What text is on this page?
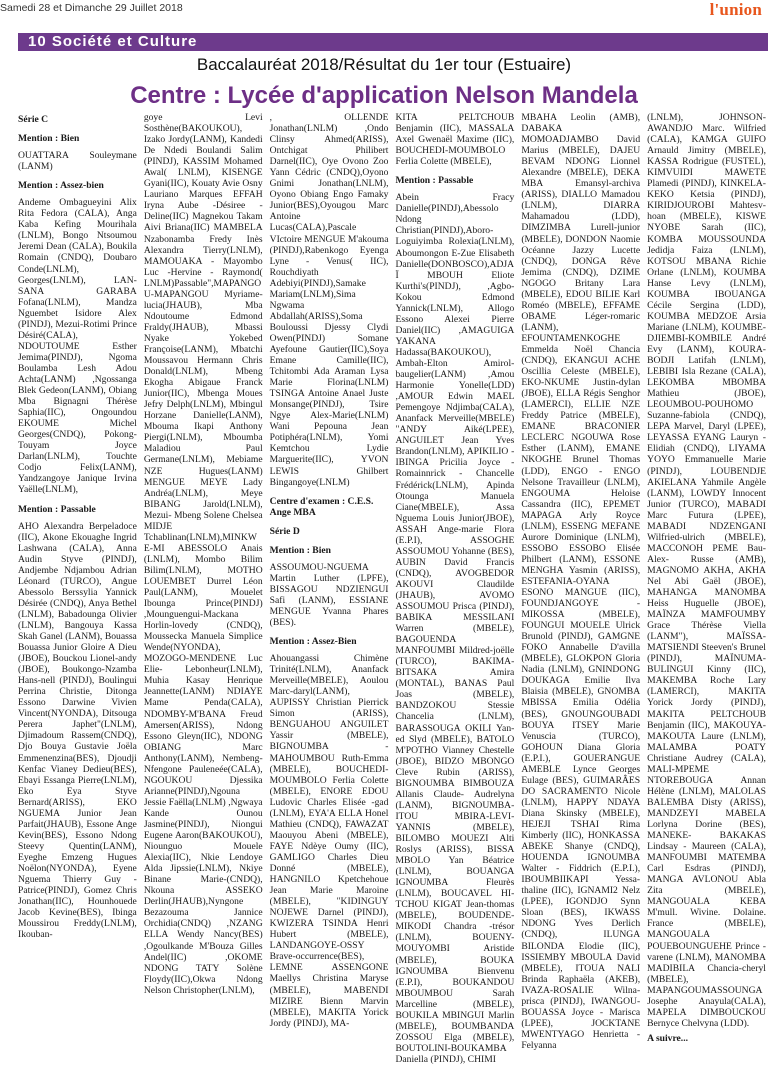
Samedi 28 et Dimanche 29 Juillet 2018	l'union
10 Société et Culture
Baccalauréat 2018/Résultat du 1er tour (Estuaire)
Centre : Lycée d'application Nelson Mandela

Série C

Mention : Bien

OUATTARA Souleymane (LANM)

Mention : Assez-bien

Andeme Ombagueyini Alix Rita Fedora (CALA), Anga Kaba Kefing Mourihala (LNLM), Bongo Ntsoumou Jeremi Dean (CALA), Boukila Romain (CNDQ), Doubaro Conde(LNLM), Georges(LNLM), LAN-SANA GARABA Fofana(LNLM), Mandza Nguembet Isidore Alex (PINDJ), Mezui-Rotimi Prince Désiré(CALA), NDOUTOUME Esther Jemima(PINDJ), Ngoma Boulamba Lesh Adou Achta(LANM) ,Ngossanga Blek Gedeon(LANM), Obiang Mba Bignagni Thérèse Saphia(IIC), Ongoundou EKOUME Michel Georges(CNDQ), Pokong-Touyam Joyce Darlan(LNLM), Touchte Codjo Felix(LANM), Yandzangoye Janique Irvina Yaëlle(LNLM),

Mention : Passable

AHO Alexandra Berpeladoce (IIC), Akone Ekouaghe Ingrid Lashwana (CALA), Anna Audin Styve (PINDJ), Andjembe Ndjambou Adrian Léonard (TURCO), Angue Abessolo Berssylia Yannick Désirée (CNDQ), Anya Bethel (LNLM), Babadounga Olivier (LNLM), Bangouya Kassa Skah Ganel (LANM), Bouassa Bouassa Junior Gloire A Dieu (JBOE), Bouckou Lionel-andy (JBOE), Boukongo-Nzamba Hans-nell (PINDJ), Boulingui Perrina Christie, Ditonga Essono Darwine Vivien Vincent(NYONDA), Ditsouga Perera Japhet"(LNLM), Djimadoum Rassem(CNDQ), Djo Bouya Gustavie Joëla Emmenenzina(BES), Djoudji Kenfac Vianey Dedieu(BES), Ebayi Essanga Pierre(LNLM), Eko Eya Styve Bernard(ARISS), EKO NGUEMA Junior Jean Parfait(JHAUB), Essone Ange Kevin(BES), Essono Ndong Steevy Quentin(LANM), Eyeghe Emzeng Hugues Noëlon(NYONDA), Eyene Nguema Thierry Guy - Patrice(PINDJ), Gomez Chris Jonathan(IIC), Hounhouede Jacob Kevine(BES), Ibinga Moussirou Freddy(LNLM), Ikouban-

goye Levi Sosthène(BAKOUKOU), Izako Jordy(LANM), Kandedi De Ndedi Boulandi Salim (PINDJ), KASSIM Mohamed Awal( LNLM), KISENGE Gyani(IIC), Kouaty Avie Osny Lauriano Marques EFFAH Iryna Aube -Désiree -Deline(IIC) Magnekou Takam Aivi Briana(IIC) MAMBELA Nzabonamba Fredy Inès Alexandra Tierry(LNLM), MAMOUAKA - Mayombo Luc -Hervine - Raymond( LNLM)Passable",MAPANGOU-MAPANGOU Myriame-lucia(JHAUB), Mba Ndoutoume Edmond Fraldy(JHAUB), Mbassi Nyake Yokebed Françoise(LANM), Mbatchi Moussavou Hermann Chris Donald(LNLM), Mbeng Ekogha Abigaue Franck Junior(IIC), Mbenga Moues Jefry Delph(LNLM), Mbingul Horzane Danielle(LANM), Mbouma Ikapi Anthony Piergi(LNLM), Mboumba Maladiou Paul Germane(LNLM), Mebiame NZE Hugues(LANM) MENGUE MEYE Lady Andréa(LNLM), Meye BIBANG Jarold(LNLM), Mezui- Mbeng Solene Chelsea MIDJE Tchablinan(LNLM),MINKWE-MI ABESSOLO Anais (LNLM), Mombo Bilim Bilim(LNLM), MOTHO LOUEMBET Durrel Léon Paul(LANM), Mouelet Ibounga Prince(PINDJ) ,Mounguengui-Mackana Horlin-lovedy (CNDQ), Moussecka Manuela Simplice Wende(NYONDA), MOZOGO-MENDENE Luc Elie- Lebonheur(LNLM), Muhia Kasay Henrique Jeannette(LANM) NDIAYE Mame Penda(CALA), NDOMBY-M'BANA Freud Amersen(ARISS), Ndong Essono Gleyn(IIC), NDONG OBIANG Marc Anthony(LANM), Nembeng-Nfengone Pauleneée(CALA), NGOUKOU Djessika Arianne(PINDJ),Ngouna Jessie Faëlla(LNLM) ,Ngwaya Kande Ounou Jasmine(PINDJ), Niongui Eugene Aaron(BAKOUKOU), Niounguo Mouele Alexia(IIC), Nkie Lendoye Alda Jipssie(LNLM), Nkiye Binane Marie-(CNDQ), Nkouna ASSEKO Derlin(JHAUB),Nyngone Bezazouma Jannice Orchidia(CNDQ) ,NZANG ELLA Wendy Nancy(BES) ,Ogoulkande M'Bouza Gilles Andel(IIC) ,OKOME NDONG TATY Solène Floydy(IIC),Okwa Ndong Nelson Christopher(LNLM),

, OLLENDE Jonathan(LNLM) ,Ondo Clinsy Ahmed(ARISS), Ontchigat Philibert Darnel(IIC), Oye Ovono Zoo Yann Cédric (CNDQ),Oyono Gnimi Jonathan(LNLM), Oyono Obiang Engo Famaky Junior(BES),Oyougou Marc Antoine Lucas(CALA),Pascale VIctoire MENGUE M'akouma (PINDJ),Rabenkogo Eyenga Lyne - Venus( IIC), Rouchdiyath Adebiyi(PINDJ),Samake Mariam(LNLM),Sima Ngwama Abdallah(ARISS),Soma Bouloussi Djessy Clydi Owen(PINDJ) Somane Ayefoune Gautier(IIC),Soya Emane Camille(IIC), Tchitombi Ada Araman Lysa Marie Florina(LNLM) TSINGA Antoine Anael Juste Monsange(PINDJ), Tsire Ngye Alex-Marie(LNLM) Wani Pepouna Jean Potiphéra(LNLM), Yomi Kemtchou Lydie Marguerite(IIC), YVON LEWIS Ghilbert Bingangoye(LNLM)

Centre d'examen : C.E.S. Ange MBA

Série D

Mention : Bien

ASSOUMOU-NGUEMA Martin Luther (LPFE), BISSAGOU NDZIENGUI Safi (LANM), ESSIANE MENGUE Yvanna Phares (BES).

Mention : Assez-Bien

Ahouangassi Chimène Trinité(LNLM), Ananfack Merveille(MBELE), Aoulou Marc-daryl(LANM), AUPISSY Christian Pierrick Simon (ARISS), BENGUAHOU ANGUILET Yassir (MBELE), BIGNOUMBA - MAHOUMBOU Ruth-Emma (MBELE), BOUCHEDI-MOUMBOLO Ferlia Colette (MBELE), ENORE EDOU Ludovic Charles Elisée -gad (LNLM), EYA'A ELLA Honel Mathieu (CNDQ), FAWAZAT Maouyou Abeni (MBELE), FAYE Ndèye Oumy (IIC), GAMLIGO Charles Dieu Donné (MBELE), HANGNILO Kpetchehoue Jean Marie Maroine (MBELE), "KIDINGUY NOJEWE Darnel (PINDJ), KWIZERA TSINDA Henri Hubert (MBELE), LANDANGOYE-OSSY Brave-occurrence(BES), LEMNE ASSENGONE Maellys Christina Maryse (MBELE), MABENDI MIZIRE Bienn Marvin (MBELE), MAKITA Yorick Jordy (PINDJ), MA-

KITA PELTCHOUB Benjamin (IIC), MASSALA Axel Gwenaël Maxime (IIC), BOUCHEDI-MOUMBOLO Ferlia Colette (MBELE),

Mention : Passable

Abein Fracy Danielle(PINDJ),Abessolo Ndong Christian(PINDJ),Aboro-Loguiyimba Rolexia(LNLM), Aboumongon E-Zue Elisabeth Danielle(DONBOSCO),ADJAÏ MBOUH Eliote Kurthi's(PINDJ), ,Agbo-Kokou Edmond Yannick(LNLM), Allogo Essono Alexei Pierre Daniel(IIC) ,AMAGUIGA YAKANA Hadassa(BAKOUKOU), Ambah-Elton Amirol-baugelier(LANM) ,Amou Harmonie Yonelle(LDD) ,AMOUR Edwin MAEL Pemengoye Ndjimba(CALA), Ananfack Merveille(MBELE) "ANDY Aiké(LPEE), ANGUILET Jean Yves Brandon(LNLM), APIKILIO - IBINGA Pricilia Joyce - Romainnrick - Chancelle Frédérick(LNLM), Apinda Otounga Manuela Ciane(MBELE), Assa Nguema Louis Junior(JBOE), ASSAH Ange-marie Flora (E.P.I), ASSOGHE ASSOUMOU Yohanne (BES), AUBIN David Francis (CNDQ), AVOGBEDOR AKOUVI Claudilde (JHAUB), AVOMO ASSOUMOU Prisca (PINDJ), BABIKA MESSILANI Warren (MBELE), BAGOUENDA MANFOUMBI Mildred-joëlle (TURCO), BAKIMA-BITSAKA Amira (MONTAL), BANAS Paul Joas (MBELE), BANDZOKOU Stessie Chancelia (LNLM), BARASSOUGA OKILI Yan-ed Slyd (MBELE), BATOLO M'POTHO Vianney Chestelle (JBOE), BIDZO MBONGO Cleve Rubin (ARISS), BIGNOUMBA BIMBOUZA Allanis Claude- Audrelyna (LANM), BIGNOUMBA-ITOU MBIRA-LEVI-YANNIS (MBELE), BILOMBO MOUEZI Alti Roslys (ARISS), BISSA MBOLO Yan Béatrice (LNLM), BOUANGA IGNOUMBA Fleurès (LNLM), BOUCAVEL HI-TCHOU KIGAT Jean-thomas (MBELE), BOUDENDE-MIKODI Chandra -trésor (LNLM), BOUENY-MOUYOMBI Aristide (MBELE), BOUKA IGNOUMBA Bienvenu (E.P.I), BOUKANDOU MBOUMBOU Sarah Marcelline (MBELE), BOUKILA MBINGUI Marlin (MBELE), BOUMBANDA ZOSSOU Elga (MBELE), BOUTOLINI-BOUKAMBA Daniella (PINDJ), CHIMI

MBAHA Leolin (AMB), DABAKA MOMOADJAMBO David Marius (MBELE), DAJEU BEVAM NDONG Lionnel Alexandre (MBELE), DEKA MBA Emansyl-archiva (ARISS), DIALLO Mamadou (LNLM), DIARRA Mahamadou (LDD), DIMZIMBA Lurell-junior (MBELE), DONDON Naomie Océanne Jazzy Lucette (CNDQ), DONGA Rêve Jemima (CNDQ), DZIME NGOGO Britany Lara (MBELE), EDOU BILIE Karl Roméo (MBELE), EFFAME OBAME Léger-romaric (LANM), EFOUNTAMENKOGHE Emmelda Noël Chancia (CNDQ), EKANGUI ACHE Oscillia Celeste (MBELE), EKO-NKUME Justin-dylan (JBOE), ELLA Régis Senghor (LAMERCI), ELLIE NZE Freddy Patrice (MBELE), EMANE BRACONIER LECLERC NGOUWA Rose Esther (LANM), EMANE NKOGHE Brunel Thomas (LDD), ENGO - ENGO Nelsone Travailleur (LNLM), ENGOUMA Heloise Cassandra (IIC), EPEMET MAPAGA Arly Royce (LNLM), ESSENG MEFANE Aurore Dominique (LNLM), ESSOBO ESSOBO Elisée Philbert (LANM), ESSONE MENGHA Yasmin (ARISS), ESTEFANIA-OYANA ESONO MANGUE (IIC), FOUNDJANGOYE - MIKOSSA (MBELE), FOUNGUI MOUELE Ulrick Brunold (PINDJ), GAMGNE FOKO Annabelle D'avilla (MBELE), GLOKPON Gloria Nadia (LNLM), GNINDONG DOUKAGA Emilie Ilva Blaisia (MBELE), GNOMBA MBISSA Emilia Odélia (BES), GNOUNGOUBADI BOUYA ITSEY Marie Venuscia (TURCO), GOHOUN Diana Gloria (E.P.I.), GOUERANGUE AMEBLE Lynce Georges Eulage (BES), GUIMARÂES DO SACRAMENTO Nicole (LNLM), HAPPY NDAYA Diana Skinsky (MBELE), HEJEJI TSHAI Rima Kimberly (IIC), HONKASSA ABEKE Shanye (CNDQ), HOUENDA IGNOUMBA Walter - Fiddrich (E.P.I.), IBOUMBIIKAPI Yessa-thaline (IIC), IGNAMI2 Nelz (LPEE), IGONDJO Synn Sloan (BES), IKWASS NDONG Yves Derlich (CNDQ), ILUNGA BILONDA Elodie (IIC), ISSIEMBY MBOULA David (MBELE), ITOUA NALI Brinda Raphaëla (AKEB), IVAZA-ROSALIE Wilna-prisca (PINDJ), IWANGOU-BOUASSA Joyce - Marisca (LPEE), JOCKTANE MWENTYAGO Henrietta - Felyanna

(LNLM), JOHNSON-AWANDJO Marc. Wilfried (CALA), KAMGA GUIFO Arnauld Jimitry (MBELE), KASSA Rodrigue (FUSTEL), KIMVUIDI MAWETE Plamedi (PINDJ), KINKELA- KEKO Ketsia (PINDJ), KIRIDJOUROBI Mahtesv-hoan (MBELE), KISWE NYOBE Sarah (IIC), KOMBA MOUSSOUNDA Jedidja Faiza (LNLM), KOTSOU MBANA Richie Orlane (LNLM), KOUMBA Hanse Levy (LNLM), KOUMBA IBOUANGA Cécile Sergina (LDD), KOUMBA MEDZOE Arsia Mariane (LNLM), KOUMBE-DJIEMBI-KOMBILE André Evy (LANM), KOURA-BODJI Latifah (LNLM), LEBIBI Isla Rezane (CALA), LEKOMBA MBOMBA Mathieu (JBOE), LEOUMBOU-POUHOMO Suzanne-fabiola (CNDQ), LEPA Marvel, Daryl (LPEE), LEYASSA EYANG Lauryn - Elidiah (CNDQ), LIYAMA YOYO Emmanuelle Marie (PINDJ), LOUBENDJE AKIELANA Yahmile Angèle (LANM), LOWDY Innocent Junior (TURCO), MABADI Marc Futura (LPEE), MABADI NDZENGANI Wilfried-ulrich (MBELE), MACCONOH PEME Bau- Alex- Russe (AMB), MAGNOMO AKHA, AKHA Nel Abi Gaël (JBOE), MAHANGA MANOMBA Heiss Huguelle (JBOE), MAÏNZA MAMFOUMBY Grace Thérèse Viella (LANM"), MAÏSSA-MATSIENDI Steeven's Brunel (PINDJ), MAÏNUMA-BULINGUI Kinny (IIC), MAKEMBA Roche Lary (LAMERCI), MAKITA Yorick Jordy (PINDJ), MAKITA PELTCHOUB Benjamin (IIC), MAKOUYA-MAKOUTA Laure (LNLM), MALAMBA POATY Christiane Audrey (CALA), MALI-MPEME NTOREBOUGA Annan Hélène (LNLM), MALOLAS BALEMBA Disty (ARISS), MANDZEYI MABELA Lorlyna Dorine (BES), MANEKE- BAKAKAS Lindsay - Maureen (CALA), MANFOUMBI MATEMBA Carl Esdras (PINDJ), MANGA AVLONOU Abla Zita (MBELE), MANGOUALA KEBA M'mull. Wivine. Dolaine. France (MBELE), MANGOUALA POUEBOUNGUEHE Prince -varene (LNLM), MANOMBA MADIBILA Chancia-cheryl (MBELE), MAPANGOUMASSOUNGA Josephe Anayula(CALA), MAPELA DIMBOUCKOU Bernyce Chelvyna (LDD).

A suivre...
